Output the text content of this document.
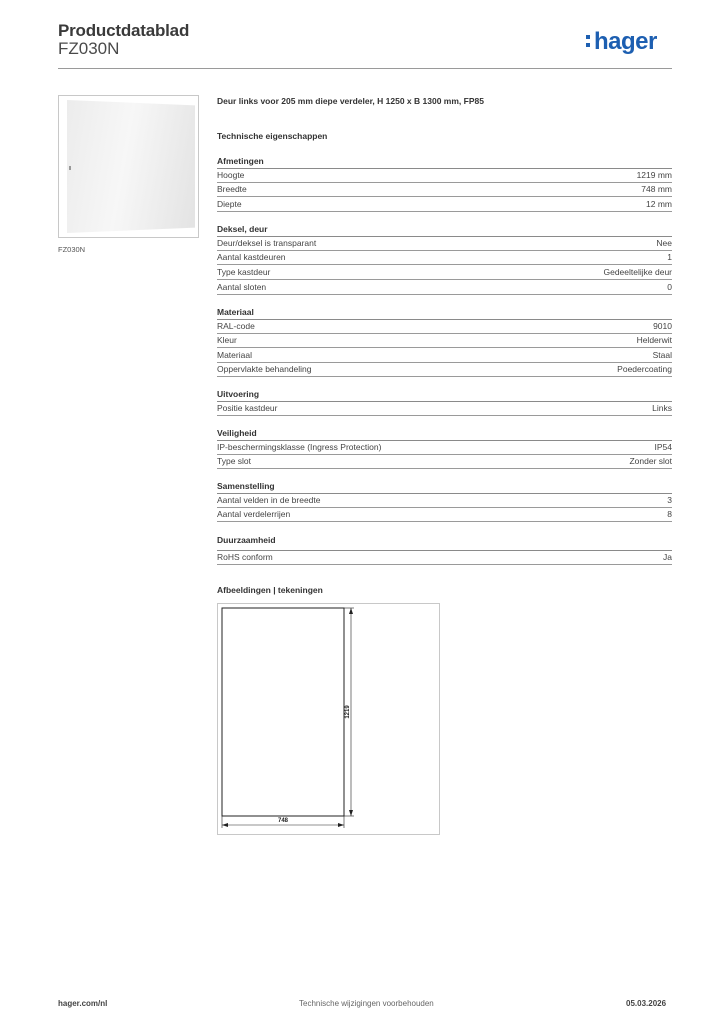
Productdatablad
FZ030N	hager
FZ030N
Deur links voor 205 mm diepe verdeler, H 1250 x B 1300 mm, FP85
Technische eigenschappen
Afmetingen
Hoogte	1219 mm
Breedte	748 mm
Diepte	12 mm
Deksel, deur
Deur/deksel is transparant	Nee
Aantal kastdeuren	1
Type kastdeur	Gedeeltelijke deur
Aantal sloten	0
Materiaal
RAL-code	9010
Kleur	Helderwit
Materiaal	Staal
Oppervlakte behandeling	Poedercoating
Uitvoering
Positie kastdeur	Links
Veiligheid
IP-beschermingsklasse (Ingress Protection)	IP54
Type slot	Zonder slot
Samenstelling
Aantal velden in de breedte	3
Aantal verdelerrijen	8
Duurzaamheid
RoHS conform	Ja
Afbeeldingen | tekeningen
1219
748
hager.com/nl	Technische wijzigingen voorbehouden	05.03.2026
